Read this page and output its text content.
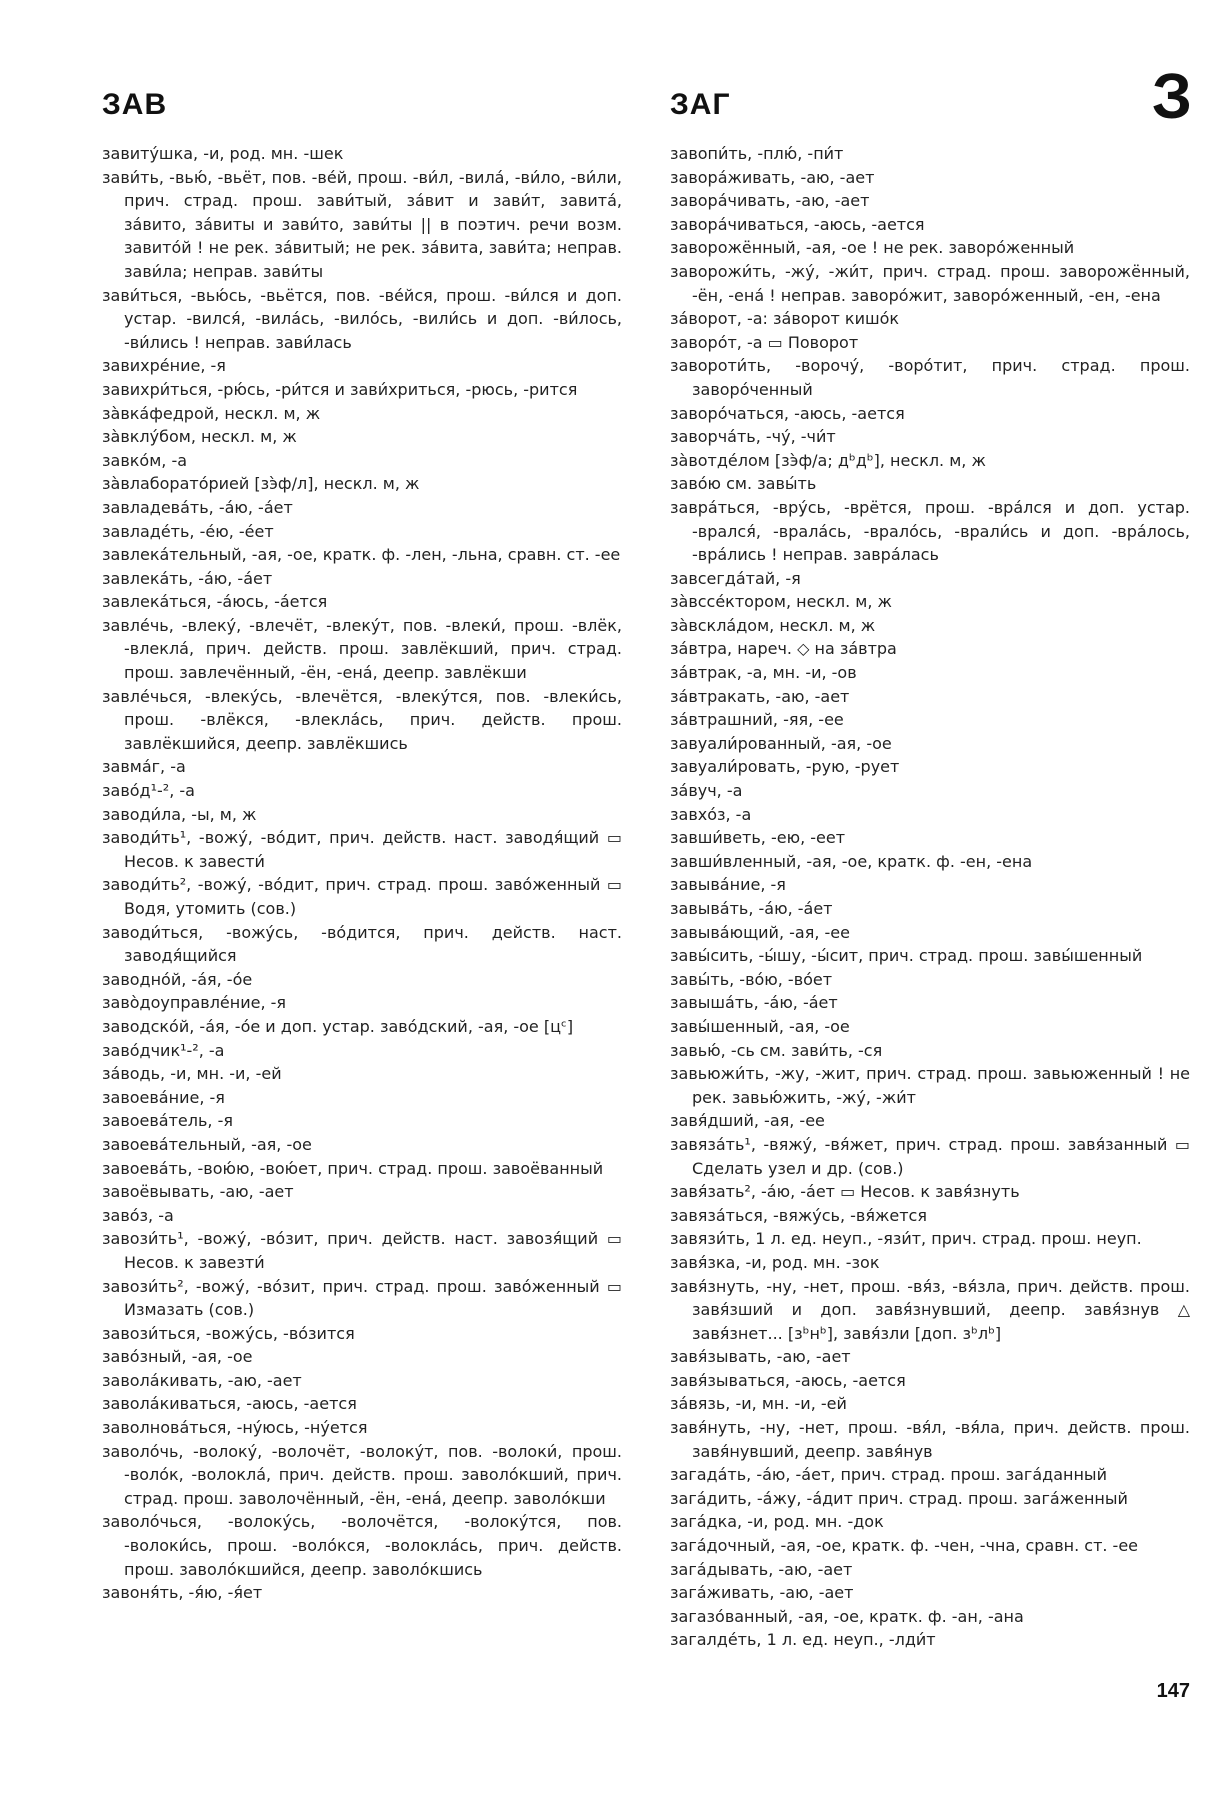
ЗАВ	ЗАГ	З

завиту́шка, -и, род. мн. -шек

зави́ть, -вью́, -вьёт, пов. -ве́й, прош. -ви́л, -вила́, -ви́ло, -ви́ли, прич. страд. прош. зави́тый, за́вит и зави́т, завита́, за́вито, за́виты и зави́то, зави́ты || в поэтич. речи возм. завито́й ! не рек. за́витый; не рек. за́вита, зави́та; неправ. зави́ла; неправ. зави́ты

зави́ться, -вью́сь, -вьётся, пов. -ве́йся, прош. -ви́лся и доп. устар. -вился́, -вила́сь, -вило́сь, -вили́сь и доп. -ви́лось, -ви́лись ! неправ. зави́лась

завихре́ние, -я

завихри́ться, -рю́сь, -ри́тся и зави́хриться, -рюсь, -рится

за̀вка́федрой, нескл. м, ж

за̀вклу́бом, нескл. м, ж

завко́м, -а

за̀влаборато́рией [зэ̀ф/л], нескл. м, ж

завладева́ть, -а́ю, -а́ет

завладе́ть, -е́ю, -е́ет

завлека́тельный, -ая, -ое, кратк. ф. -лен, -льна, сравн. ст. -ее

завлека́ть, -а́ю, -а́ет

завлека́ться, -а́юсь, -а́ется

завле́чь, -влеку́, -влечёт, -влеку́т, пов. -влеки́, прош. -влёк, -влекла́, прич. действ. прош. завлёкший, прич. страд. прош. завлечённый, -ён, -ена́, деепр. завлёкши

завле́чься, -влеку́сь, -влечётся, -влеку́тся, пов. -влеки́сь, прош. -влёкся, -влекла́сь, прич. действ. прош. завлёкшийся, деепр. завлёкшись

завма́г, -а

заво́д¹‑², -а

заводи́ла, -ы, м, ж

заводи́ть¹, -вожу́, -во́дит, прич. действ. наст. заводя́щий ▭ Несов. к завести́

заводи́ть², -вожу́, -во́дит, прич. страд. прош. заво́женный ▭ Водя, утомить (сов.)

заводи́ться, -вожу́сь, -во́дится, прич. действ. наст. заводя́щийся

заводно́й, -а́я, -о́е

заво̀доуправле́ние, -я

заводско́й, -а́я, -о́е и доп. устар. заво́дский, -ая, -ое [цᶜ]

заво́дчик¹‑², -а

за́водь, -и, мн. -и, -ей

завоева́ние, -я

завоева́тель, -я

завоева́тельный, -ая, -ое

завоева́ть, -вою́ю, -вою́ет, прич. страд. прош. завоёванный

завоёвывать, -аю, -ает

заво́з, -а

завози́ть¹, -вожу́, -во́зит, прич. действ. наст. завозя́щий ▭ Несов. к завезти́

завози́ть², -вожу́, -во́зит, прич. страд. прош. заво́женный ▭ Измазать (сов.)

завози́ться, -вожу́сь, -во́зится

заво́зный, -ая, -ое

завола́кивать, -аю, -ает

завола́киваться, -аюсь, -ается

заволнова́ться, -ну́юсь, -ну́ется

заволо́чь, -волоку́, -волочёт, -волоку́т, пов. -волоки́, прош. -воло́к, -волокла́, прич. действ. прош. заволо́кший, прич. страд. прош. заволочённый, -ён, -ена́, деепр. заволо́кши

заволо́чься, -волоку́сь, -волочётся, -волоку́тся, пов. -волоки́сь, прош. -воло́кся, -волокла́сь, прич. действ. прош. заволо́кшийся, деепр. заволо́кшись

завоня́ть, -я́ю, -я́ет

завопи́ть, -плю́, -пи́т

завора́живать, -аю, -ает

завора́чивать, -аю, -ает

завора́чиваться, -аюсь, -ается

заворожённый, -ая, -ое ! не рек. заворо́женный

заворожи́ть, -жу́, -жи́т, прич. страд. прош. заворожённый, -ён, -ена́ ! неправ. заворо́жит, заворо́женный, -ен, -ена

за́ворот, -а: за́ворот кишо́к

заворо́т, -а ▭ Поворот

заворoти́ть, -ворочу́, -воро́тит, прич. страд. прош. заворо́ченный

заворо́чаться, -аюсь, -ается

заворча́ть, -чу́, -чи́т

за̀вотде́лом [зэ̀ф/а; дᵇдᵇ], нескл. м, ж

заво́ю см. завы́ть

завра́ться, -вру́сь, -врётся, прош. -вра́лся и доп. устар. -врался́, -врала́сь, -врало́сь, -врали́сь и доп. -вра́лось, -вра́лись ! неправ. завра́лась

завсегда́тай, -я

за̀вссе́ктором, нескл. м, ж

за̀вскла́дом, нескл. м, ж

за́втра, нареч. ◇ на за́втра

за́втрак, -а, мн. -и, -ов

за́втракать, -аю, -ает

за́втрашний, -яя, -ее

завуали́рованный, -ая, -ое

завуали́ровать, -рую, -рует

за́вуч, -а

завхо́з, -а

завши́веть, -ею, -еет

завши́вленный, -ая, -ое, кратк. ф. -ен, -ена

завыва́ние, -я

завыва́ть, -а́ю, -а́ет

завыва́ющий, -ая, -ее

завы́сить, -ы́шу, -ы́сит, прич. страд. прош. завы́шенный

завы́ть, -во́ю, -во́ет

завыша́ть, -а́ю, -а́ет

завы́шенный, -ая, -ое

завью́, -сь см. зави́ть, -ся

завьюжи́ть, -жу, -жит, прич. страд. прош. завьюженный ! не рек. завью́жить, -жу́, -жи́т

завя́дший, -ая, -ее

завяза́ть¹, -вяжу́, -вя́жет, прич. страд. прош. завя́занный ▭ Сделать узел и др. (сов.)

завя́зать², -а́ю, -а́ет ▭ Несов. к завя́знуть

завяза́ться, -вяжу́сь, -вя́жется

завязи́ть, 1 л. ед. неуп., -язи́т, прич. страд. прош. неуп.

завя́зка, -и, род. мн. -зок

завя́знуть, -ну, -нет, прош. -вя́з, -вя́зла, прич. действ. прош. завя́зший и доп. завя́знувший, деепр. завя́знув △ завя́знет... [зᵇнᵇ], завя́зли [доп. зᵇлᵇ]

завя́зывать, -аю, -ает

завя́зываться, -аюсь, -ается

за́вязь, -и, мн. -и, -ей

завя́нуть, -ну, -нет, прош. -вя́л, -вя́ла, прич. действ. прош. завя́нувший, деепр. завя́нув

загада́ть, -а́ю, -а́ет, прич. страд. прош. зага́данный

зага́дить, -а́жу, -а́дит прич. страд. прош. зага́женный

зага́дка, -и, род. мн. -док

зага́дочный, -ая, -ое, кратк. ф. -чен, -чна, сравн. ст. -ее

зага́дывать, -аю, -ает

зага́живать, -аю, -ает

загазо́ванный, -ая, -ое, кратк. ф. -ан, -ана

загалде́ть, 1 л. ед. неуп., -лди́т

147
